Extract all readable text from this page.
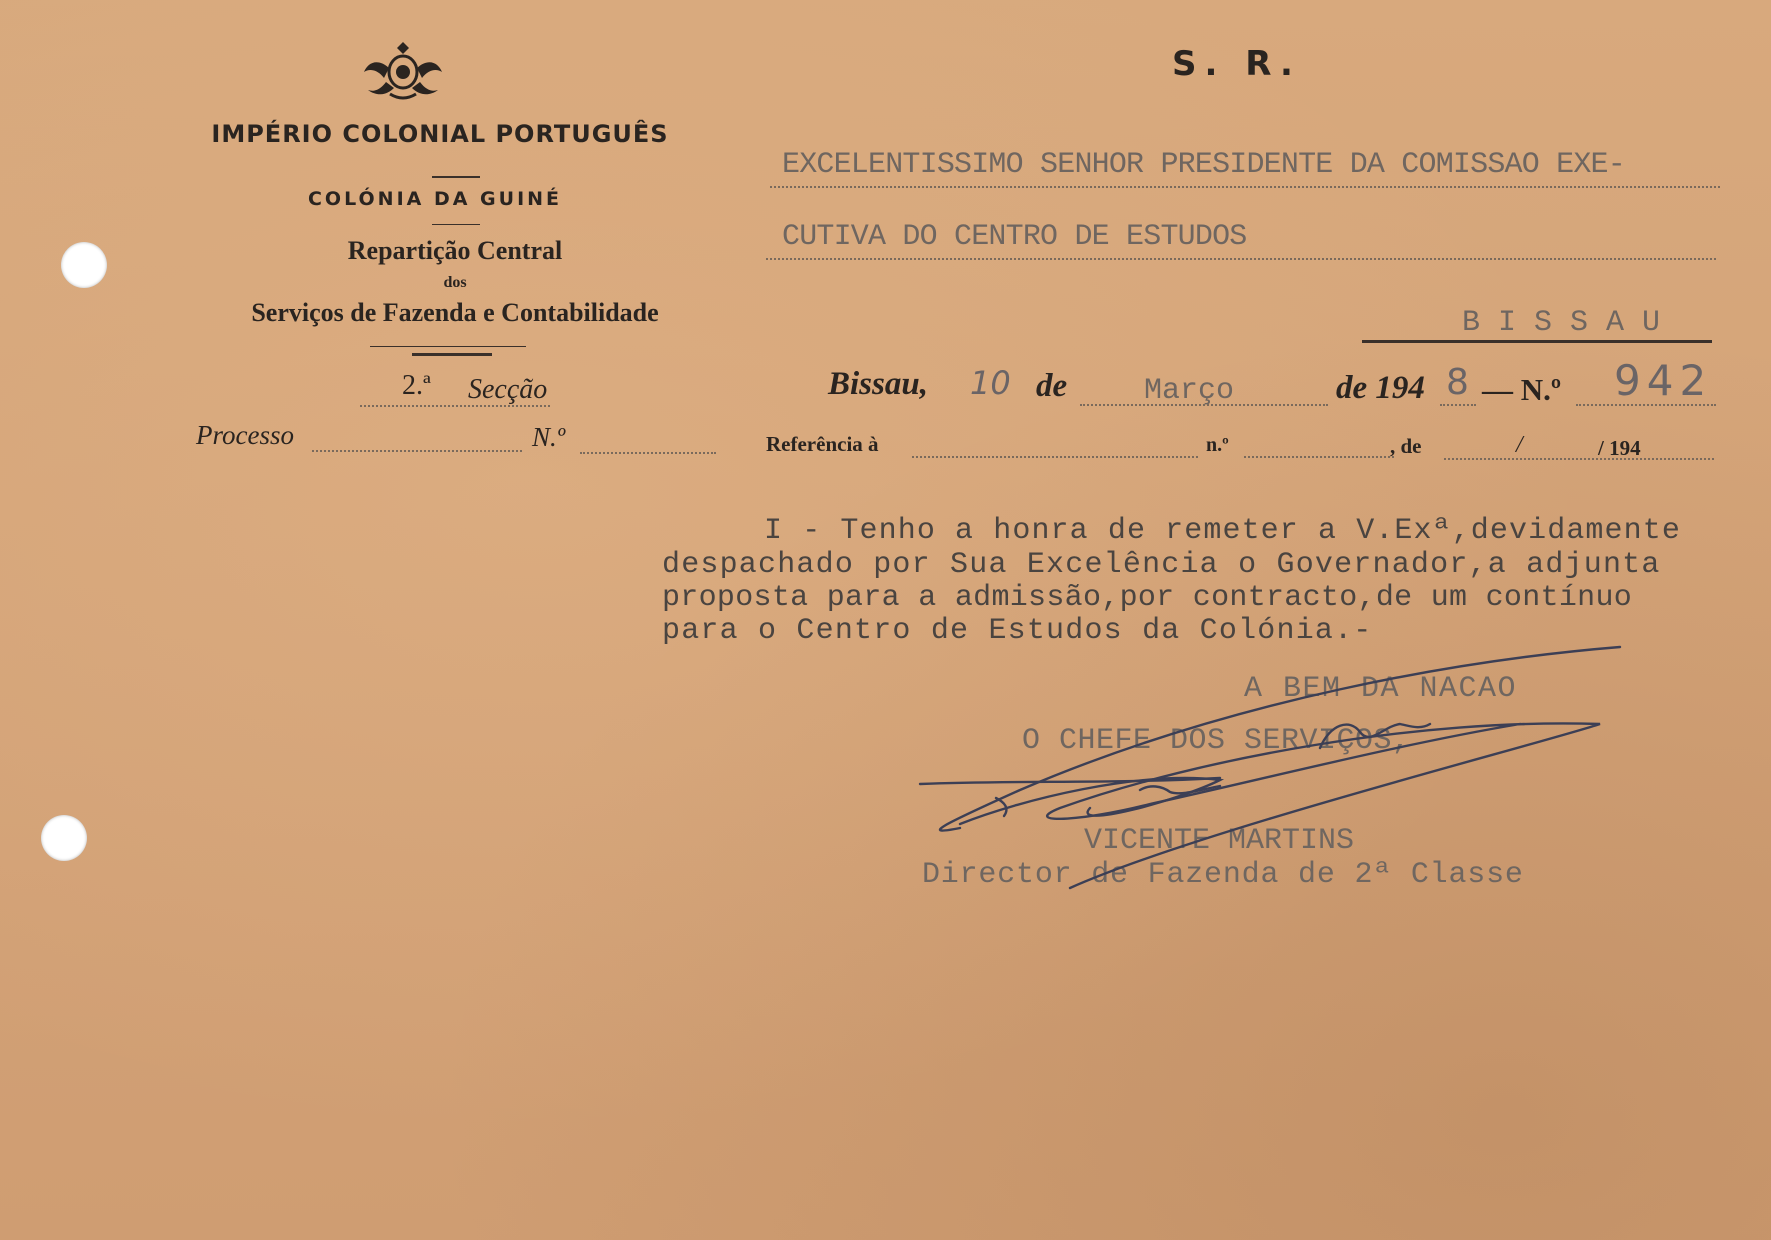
IMPÉRIO COLONIAL PORTUGUÊS
COLÓNIA DA GUINÉ
Repartição Central
dos
Serviços de Fazenda e Contabilidade
2.ª Secção
Processo	N.º
S. R.
EXCELENTISSIMO SENHOR PRESIDENTE DA COMISSAO EXE-
CUTIVA DO CENTRO DE ESTUDOS
B I S S A U
Bissau, 10 de	Março	de 194 8 — N.º 942
Referência à	n.º	, de	/	/ 194
I - Tenho a honra de remeter a V.Exª,devidamente
despachado por Sua Excelência o Governador,a adjunta
proposta para a admissão,por contracto,de um contínuo
para o Centro de Estudos da Colónia.-
A BEM DA NACAO
O CHEFE DOS SERVIÇOS,
VICENTE MARTINS
Director de Fazenda de 2ª Classe
